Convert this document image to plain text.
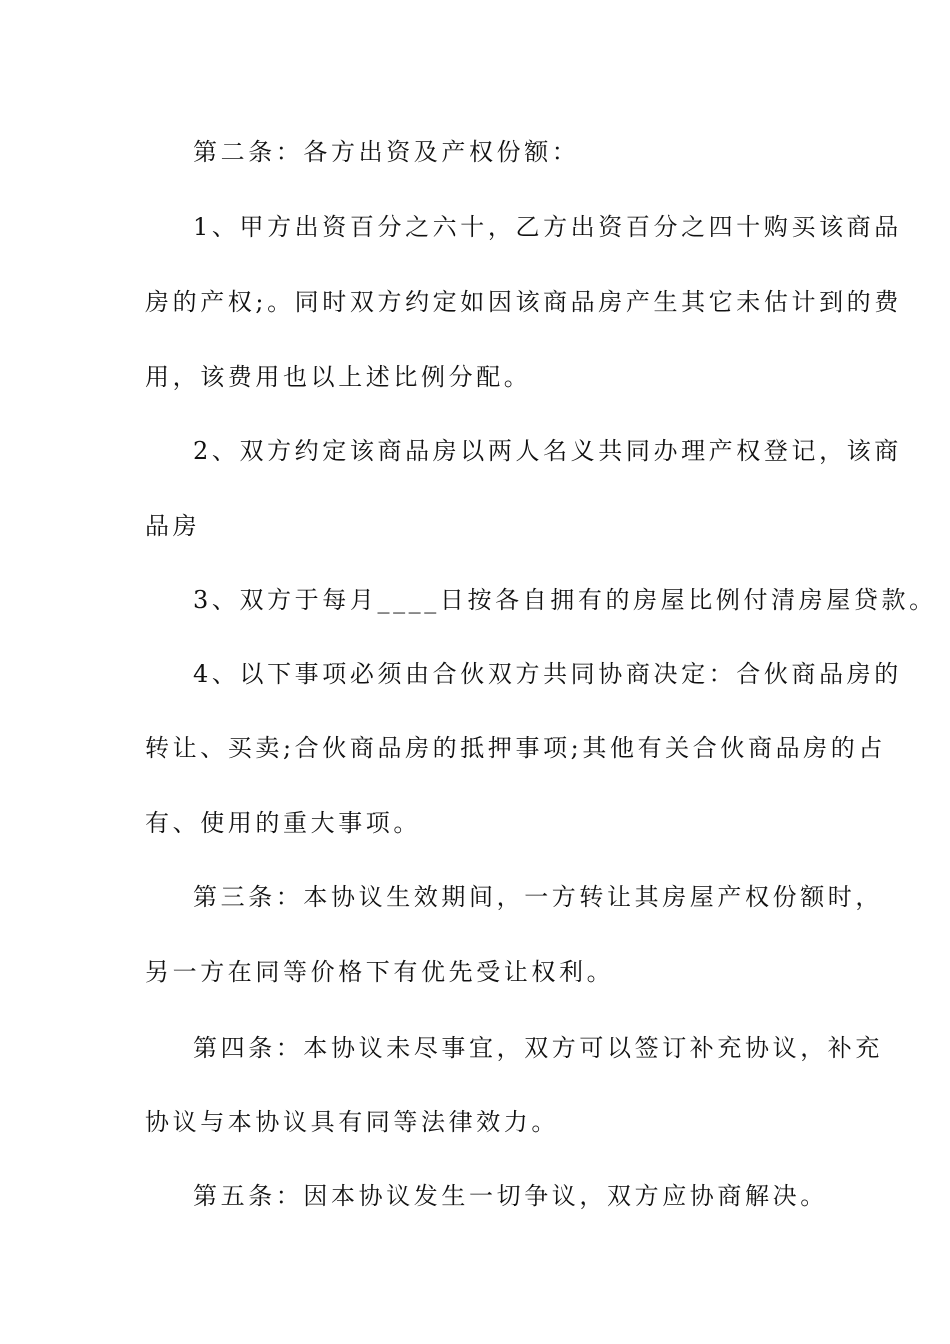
第二条：各方出资及产权份额：
1、甲方出资百分之六十，乙方出资百分之四十购买该商品
房的产权;。同时双方约定如因该商品房产生其它未估计到的费
用，该费用也以上述比例分配。
2、双方约定该商品房以两人名义共同办理产权登记，该商
品房
3、双方于每月____日按各自拥有的房屋比例付清房屋贷款。
4、以下事项必须由合伙双方共同协商决定：合伙商品房的
转让、买卖;合伙商品房的抵押事项;其他有关合伙商品房的占
有、使用的重大事项。
第三条：本协议生效期间，一方转让其房屋产权份额时，
另一方在同等价格下有优先受让权利。
第四条：本协议未尽事宜，双方可以签订补充协议，补充
协议与本协议具有同等法律效力。
第五条：因本协议发生一切争议，双方应协商解决。
